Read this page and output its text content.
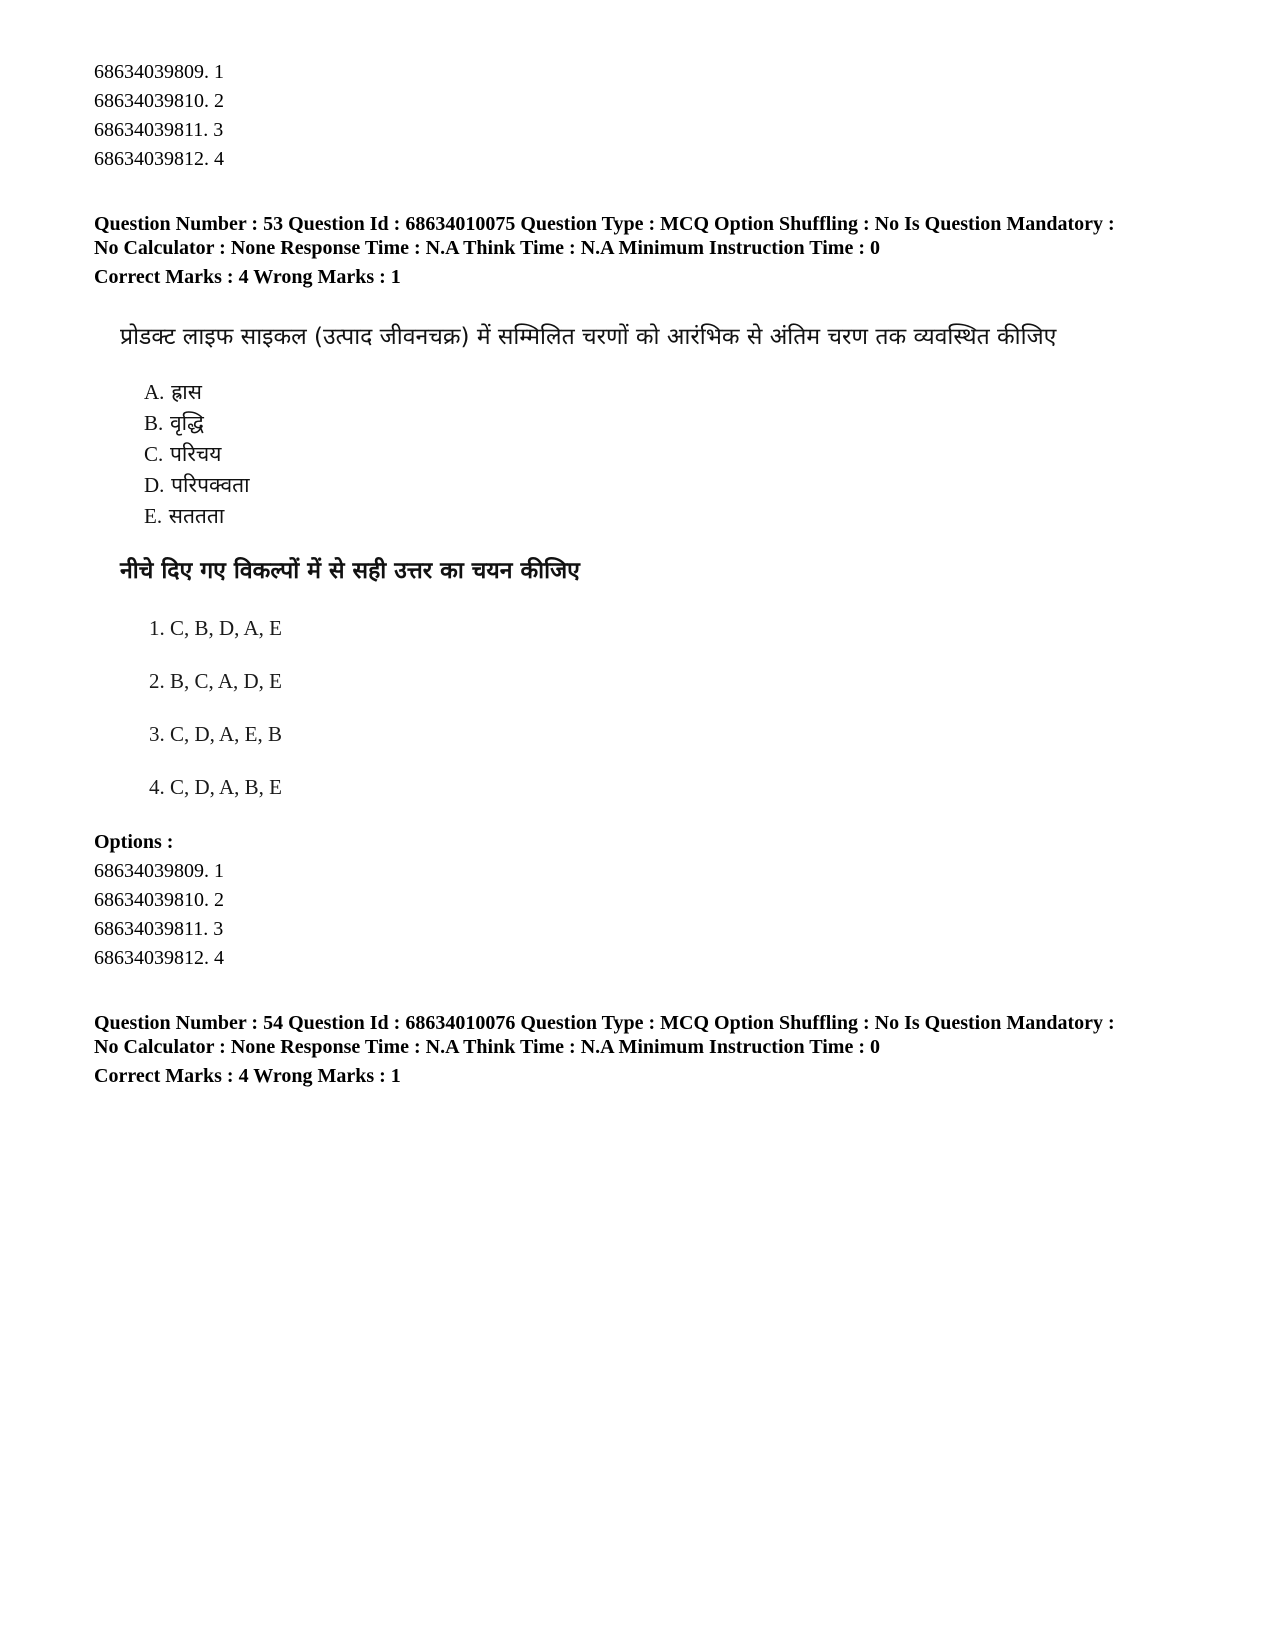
68634039809. 1
68634039810. 2
68634039811. 3
68634039812. 4
Question Number : 53 Question Id : 68634010075 Question Type : MCQ Option Shuffling : No Is Question Mandatory :
No Calculator : None Response Time : N.A Think Time : N.A Minimum Instruction Time : 0
Correct Marks : 4 Wrong Marks : 1
प्रोडक्ट लाइफ साइकल (उत्पाद जीवनचक्र) में सम्मिलित चरणों को आरंभिक से अंतिम चरण तक व्यवस्थित कीजिए
A. ह्रास
B. वृद्धि
C. परिचय
D. परिपक्वता
E. सततता
नीचे दिए गए विकल्पों में से सही उत्तर का चयन कीजिए
1. C, B, D, A, E
2. B, C, A, D, E
3. C, D, A, E, B
4. C, D, A, B, E
Options :
68634039809. 1
68634039810. 2
68634039811. 3
68634039812. 4
Question Number : 54 Question Id : 68634010076 Question Type : MCQ Option Shuffling : No Is Question Mandatory :
No Calculator : None Response Time : N.A Think Time : N.A Minimum Instruction Time : 0
Correct Marks : 4 Wrong Marks : 1
